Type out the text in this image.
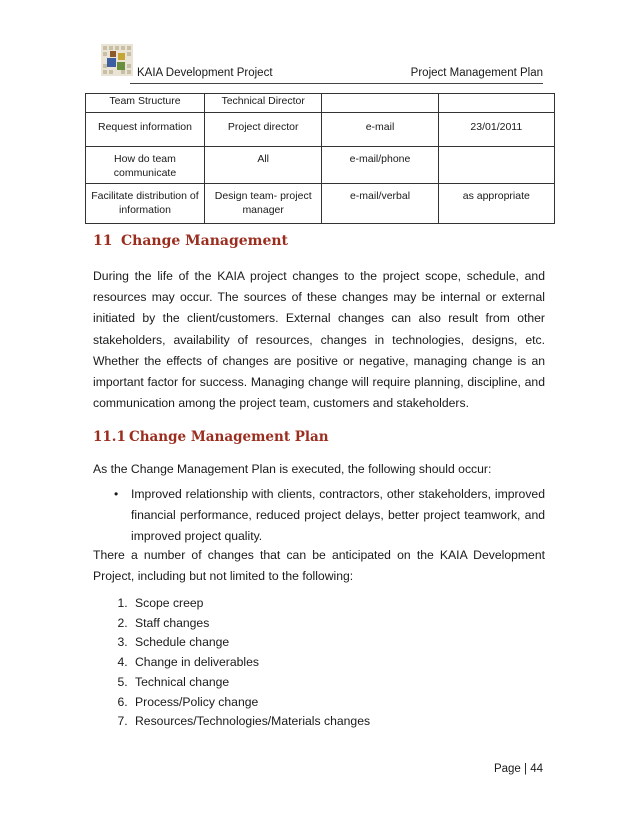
KAIA Development Project	Project Management Plan
Team Structure	Technical Director		
Request information	Project director	e-mail	23/01/2011
How do team communicate	All	e-mail/phone	
Facilitate distribution of information	Design team- project manager	e-mail/verbal	as appropriate
11 Change Management
During the life of the KAIA project changes to the project scope, schedule, and resources may occur. The sources of these changes may be internal or external initiated by the client/customers. External changes can also result from other stakeholders, availability of resources, changes in technologies, designs, etc. Whether the effects of changes are positive or negative, managing change is an important factor for success. Managing change will require planning, discipline, and communication among the project team, customers and stakeholders.
11.1 Change Management Plan
As the Change Management Plan is executed, the following should occur:
• Improved relationship with clients, contractors, other stakeholders, improved financial performance, reduced project delays, better project teamwork, and improved project quality.
There a number of changes that can be anticipated on the KAIA Development Project, including but not limited to the following:
1. Scope creep
2. Staff changes
3. Schedule change
4. Change in deliverables
5. Technical change
6. Process/Policy change
7. Resources/Technologies/Materials changes
Page | 44
